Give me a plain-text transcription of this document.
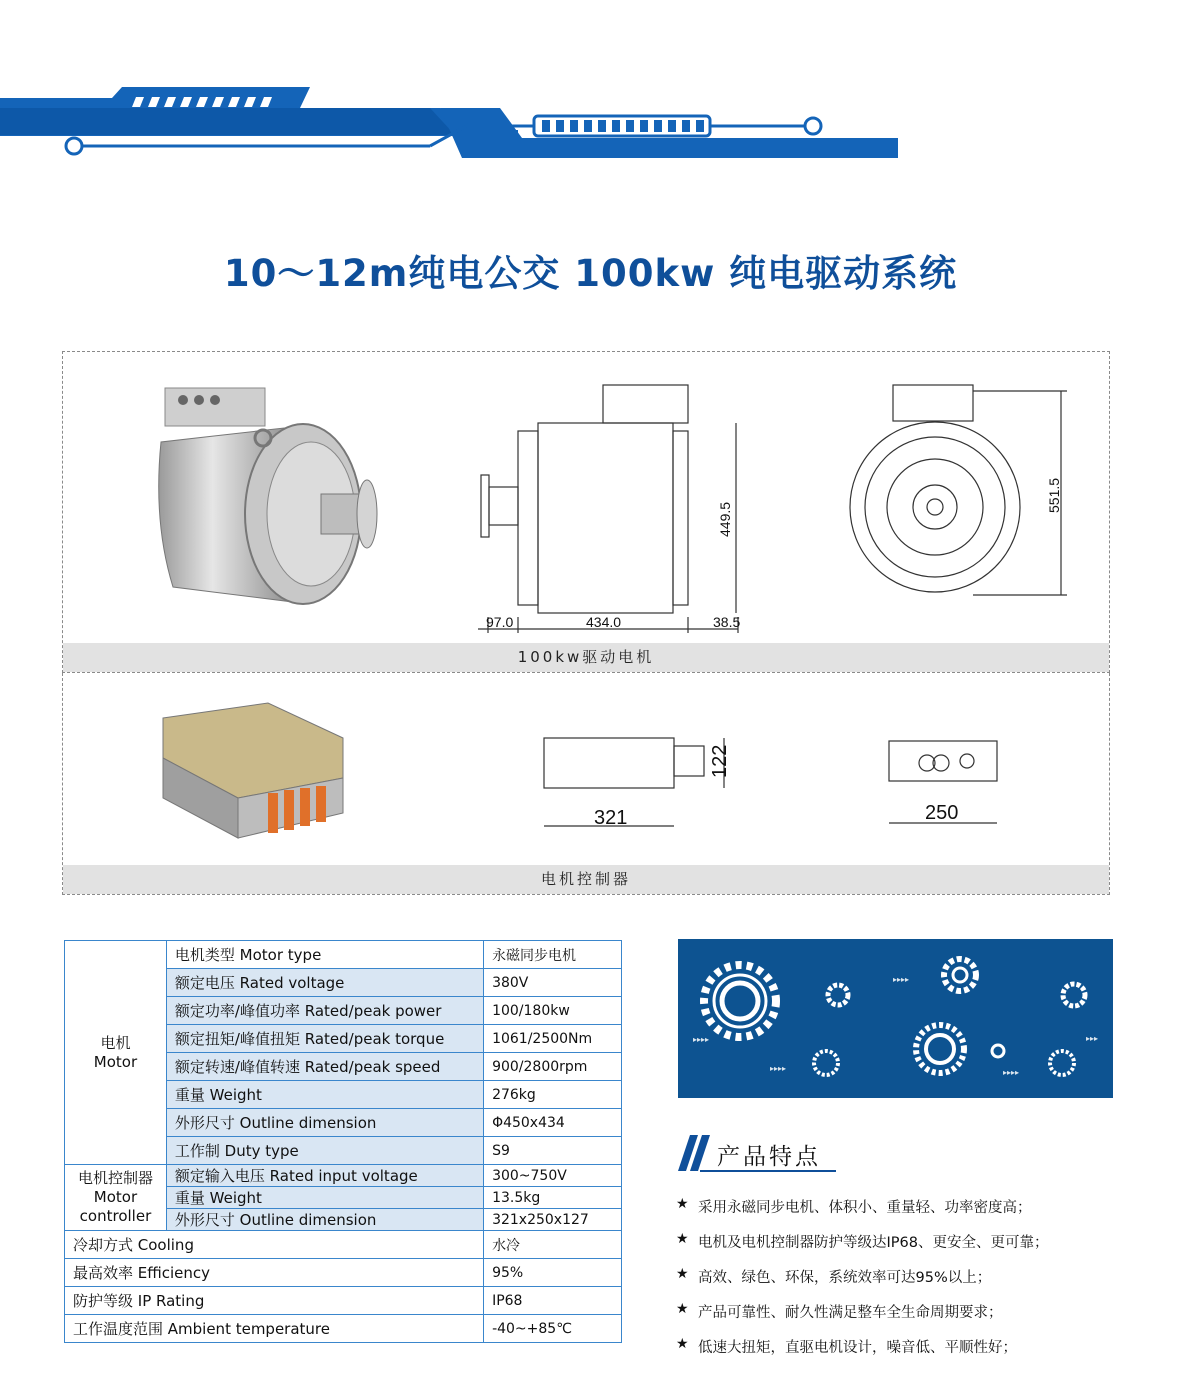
10～12m纯电公交 100kw 纯电驱动系统
449.5
97.0	434.0	38.5
551.5
100kw驱动电机
122
321	250
电机控制器
电机
Motor	电机类型 Motor type	永磁同步电机
	额定电压 Rated voltage	380V
	额定功率/峰值功率 Rated/peak power	100/180kw
	额定扭矩/峰值扭矩 Rated/peak torque	1061/2500Nm
	额定转速/峰值转速 Rated/peak speed	900/2800rpm
	重量 Weight	276kg
	外形尺寸 Outline dimension	Φ450x434
	工作制 Duty type	S9

电机控制器
Motor
controller	额定输入电压 Rated input voltage	300~750V
	重量 Weight	13.5kg
	外形尺寸 Outline dimension	321x250x127
冷却方式 Cooling		水冷
最高效率 Efficiency		95%
防护等级 IP Rating		IP68
工作温度范围 Ambient temperature		-40~+85℃
▸▸▸▸
▸▸▸▸
▸▸▸▸	▸▸▸▸
▸▸▸
产品特点
★ 采用永磁同步电机、体积小、重量轻、功率密度高；
★ 电机及电机控制器防护等级达IP68、更安全、更可靠；
★ 高效、绿色、环保，系统效率可达95%以上；
★ 产品可靠性、耐久性满足整车全生命周期要求；
★ 低速大扭矩，直驱电机设计，噪音低、平顺性好；
